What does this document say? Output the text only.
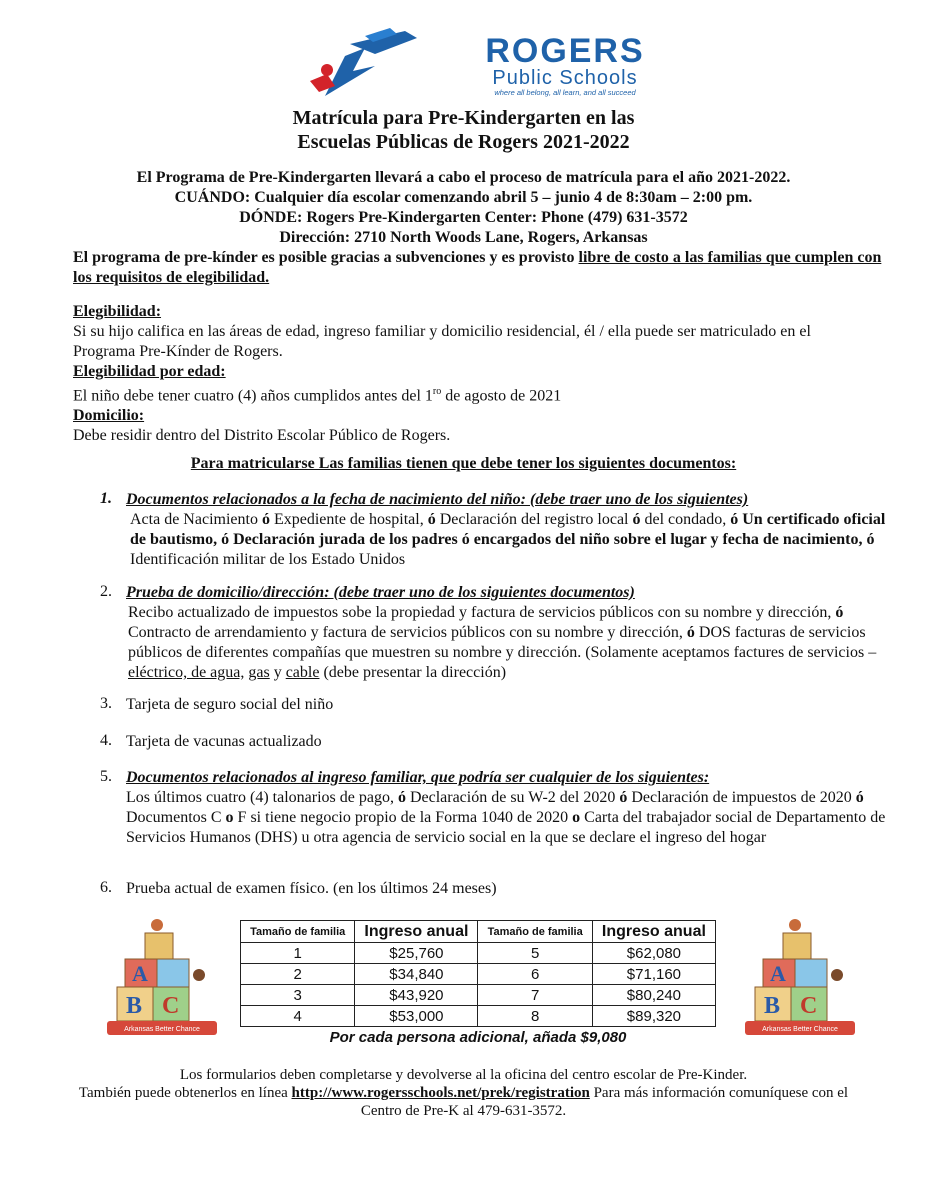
ROGERS
Public Schools
where all belong, all learn, and all succeed
Matrícula para Pre-Kindergarten en las
Escuelas Públicas de Rogers 2021-2022
El Programa de Pre-Kindergarten llevará a cabo el proceso de matrícula para el año 2021-2022.
CUÁNDO: Cualquier día escolar comenzando abril 5 – junio 4 de 8:30am – 2:00 pm.
DÓNDE: Rogers Pre-Kindergarten Center: Phone (479) 631-3572
Dirección: 2710 North Woods Lane, Rogers, Arkansas
El programa de pre-kínder es posible gracias a subvenciones y es provisto libre de costo a las familias que cumplen con los requisitos de elegibilidad.
Elegibilidad:
Si su hijo califica en las áreas de edad, ingreso familiar y domicilio residencial, él / ella puede ser matriculado en el Programa Pre-Kínder de Rogers.
Elegibilidad por edad:
El niño debe tener cuatro (4) años cumplidos antes del $1^{ro}$ de agosto de 2021
Domicilio:
Debe residir dentro del Distrito Escolar Público de Rogers.
Para matricularse Las familias tienen que debe tener los siguientes documentos:
1. Documentos relacionados a la fecha de nacimiento del niño: (debe traer uno de los siguientes)
Acta de Nacimiento ó Expediente de hospital, ó Declaración del registro local ó del condado, ó Un certificado oficial de bautismo, ó Declaración jurada de los padres ó encargados del niño sobre el lugar y fecha de nacimiento, ó Identificación militar de los Estado Unidos
2. Prueba de domicilio/dirección: (debe traer uno de los siguientes documentos)
Recibo actualizado de impuestos sobe la propiedad y factura de servicios públicos con su nombre y dirección, ó Contracto de arrendamiento y factura de servicios públicos con su nombre y dirección, ó DOS facturas de servicios públicos de diferentes compañías que muestren su nombre y dirección. (Solamente aceptamos factures de servicios – eléctrico, de agua, gas y cable (debe presentar la dirección)
3. Tarjeta de seguro social del niño
4. Tarjeta de vacunas actualizado
5. Documentos relacionados al ingreso familiar, que podría ser cualquier de los siguientes:
Los últimos cuatro (4) talonarios de pago, ó Declaración de su W-2 del 2020 ó Declaración de impuestos de 2020 ó Documentos C o F si tiene negocio propio de la Forma 1040 de 2020 o Carta del trabajador social de Departamento de Servicios Humanos (DHS) u otra agencia de servicio social en la que se declare el ingreso del hogar
6. Prueba actual de examen físico. (en los últimos 24 meses)
A
B C
Arkansas Better Chance
A
B C
Arkansas Better Chance
Tamaño de familia	Ingreso anual	Tamaño de familia	Ingreso anual
1	$25,760	5	$62,080
2	$34,840	6	$71,160
3	$43,920	7	$80,240
4	$53,000	8	$89,320
Por cada persona adicional, añada $9,080
Los formularios deben completarse y devolverse al la oficina del centro escolar de Pre-Kinder.
También puede obtenerlos en línea http://www.rogersschools.net/prek/registration Para más información comuníquese con el
Centro de Pre-K al 479-631-3572.
